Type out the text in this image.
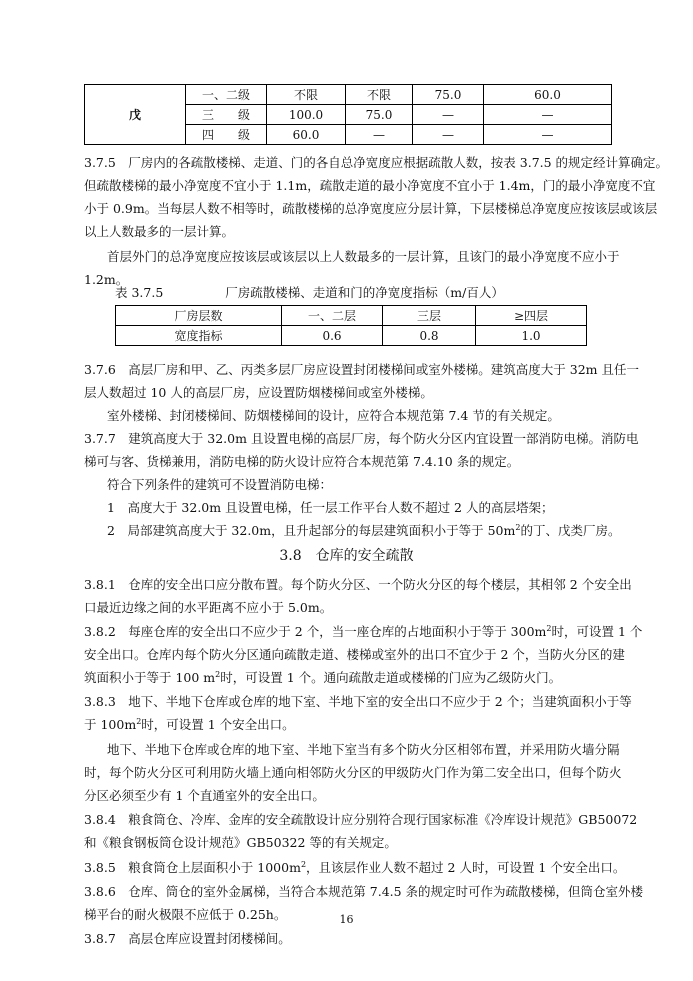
戊	一、二级	不限	不限	75.0	60.0
	三　　级	100.0	75.0	—	—
	四　　级	60.0	—	—	—
3.7.5　厂房内的各疏散楼梯、走道、门的各自总净宽度应根据疏散人数，按表 3.7.5 的规定经计算确定。
但疏散楼梯的最小净宽度不宜小于 1.1m，疏散走道的最小净宽度不宜小于 1.4m，门的最小净宽度不宜
小于 0.9m。当每层人数不相等时，疏散楼梯的总净宽度应分层计算，下层楼梯总净宽度应按该层或该层
以上人数最多的一层计算。
首层外门的总净宽度应按该层或该层以上人数最多的一层计算，且该门的最小净宽度不应小于
1.2m。
表 3.7.5	厂房疏散楼梯、走道和门的净宽度指标（m/百人）
厂房层数	一、二层	三层	≥四层
宽度指标	0.6	0.8	1.0
3.7.6　高层厂房和甲、乙、丙类多层厂房应设置封闭楼梯间或室外楼梯。建筑高度大于 32m 且任一
层人数超过 10 人的高层厂房，应设置防烟楼梯间或室外楼梯。
室外楼梯、封闭楼梯间、防烟楼梯间的设计，应符合本规范第 7.4 节的有关规定。
3.7.7　建筑高度大于 32.0m 且设置电梯的高层厂房，每个防火分区内宜设置一部消防电梯。消防电
梯可与客、货梯兼用，消防电梯的防火设计应符合本规范第 7.4.10 条的规定。
符合下列条件的建筑可不设置消防电梯：
1　高度大于 32.0m 且设置电梯，任一层工作平台人数不超过 2 人的高层塔架；
2　局部建筑高度大于 32.0m，且升起部分的每层建筑面积小于等于 $50m^2$的丁、戊类厂房。
3.8　仓库的安全疏散
3.8.1　仓库的安全出口应分散布置。每个防火分区、一个防火分区的每个楼层，其相邻 2 个安全出
口最近边缘之间的水平距离不应小于 5.0m。
3.8.2　每座仓库的安全出口不应少于 2 个，当一座仓库的占地面积小于等于 $300m^2$时，可设置 1 个
安全出口。仓库内每个防火分区通向疏散走道、楼梯或室外的出口不宜少于 2 个，当防火分区的建
筑面积小于等于 100 $m^2$时，可设置 1 个。通向疏散走道或楼梯的门应为乙级防火门。
3.8.3　地下、半地下仓库或仓库的地下室、半地下室的安全出口不应少于 2 个；当建筑面积小于等
于 $100m^2$时，可设置 1 个安全出口。
地下、半地下仓库或仓库的地下室、半地下室当有多个防火分区相邻布置，并采用防火墙分隔
时，每个防火分区可利用防火墙上通向相邻防火分区的甲级防火门作为第二安全出口，但每个防火
分区必须至少有 1 个直通室外的安全出口。
3.8.4　粮食筒仓、冷库、金库的安全疏散设计应分别符合现行国家标准《冷库设计规范》GB50072
和《粮食钢板筒仓设计规范》GB50322 等的有关规定。
3.8.5　粮食筒仓上层面积小于 $1000m^2$，且该层作业人数不超过 2 人时，可设置 1 个安全出口。
3.8.6　仓库、筒仓的室外金属梯，当符合本规范第 7.4.5 条的规定时可作为疏散楼梯，但筒仓室外楼
梯平台的耐火极限不应低于 0.25h。
3.8.7　高层仓库应设置封闭楼梯间。
16
